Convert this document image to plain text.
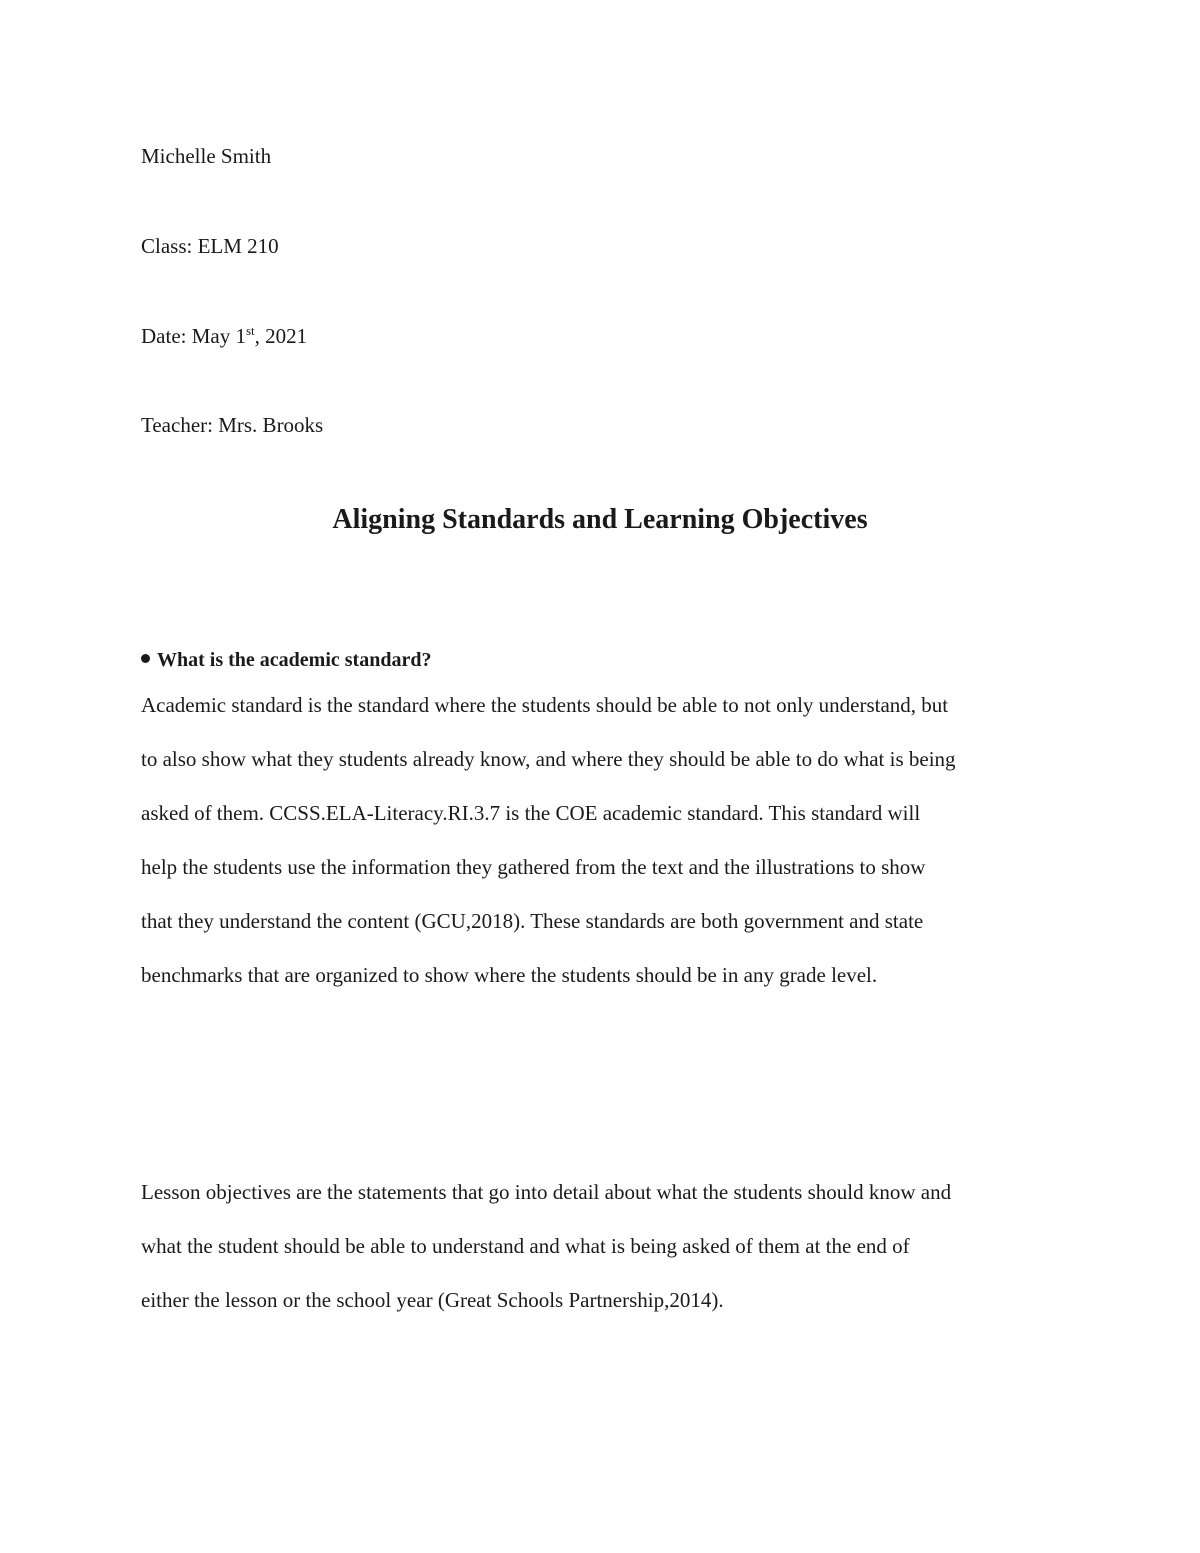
Michelle Smith
Class: ELM 210
Date: May 1st, 2021
Teacher: Mrs. Brooks
Aligning Standards and Learning Objectives
What is the academic standard?
Academic standard is the standard where the students should be able to not only understand, but
to also show what they students already know, and where they should be able to do what is being
asked of them. CCSS.ELA-Literacy.RI.3.7 is the COE academic standard. This standard will
help the students use the information they gathered from the text and the illustrations to show
that they understand the content (GCU,2018). These standards are both government and state
benchmarks that are organized to show where the students should be in any grade level.
Lesson objectives are the statements that go into detail about what the students should know and
what the student should be able to understand and what is being asked of them at the end of
either the lesson or the school year (Great Schools Partnership,2014).
